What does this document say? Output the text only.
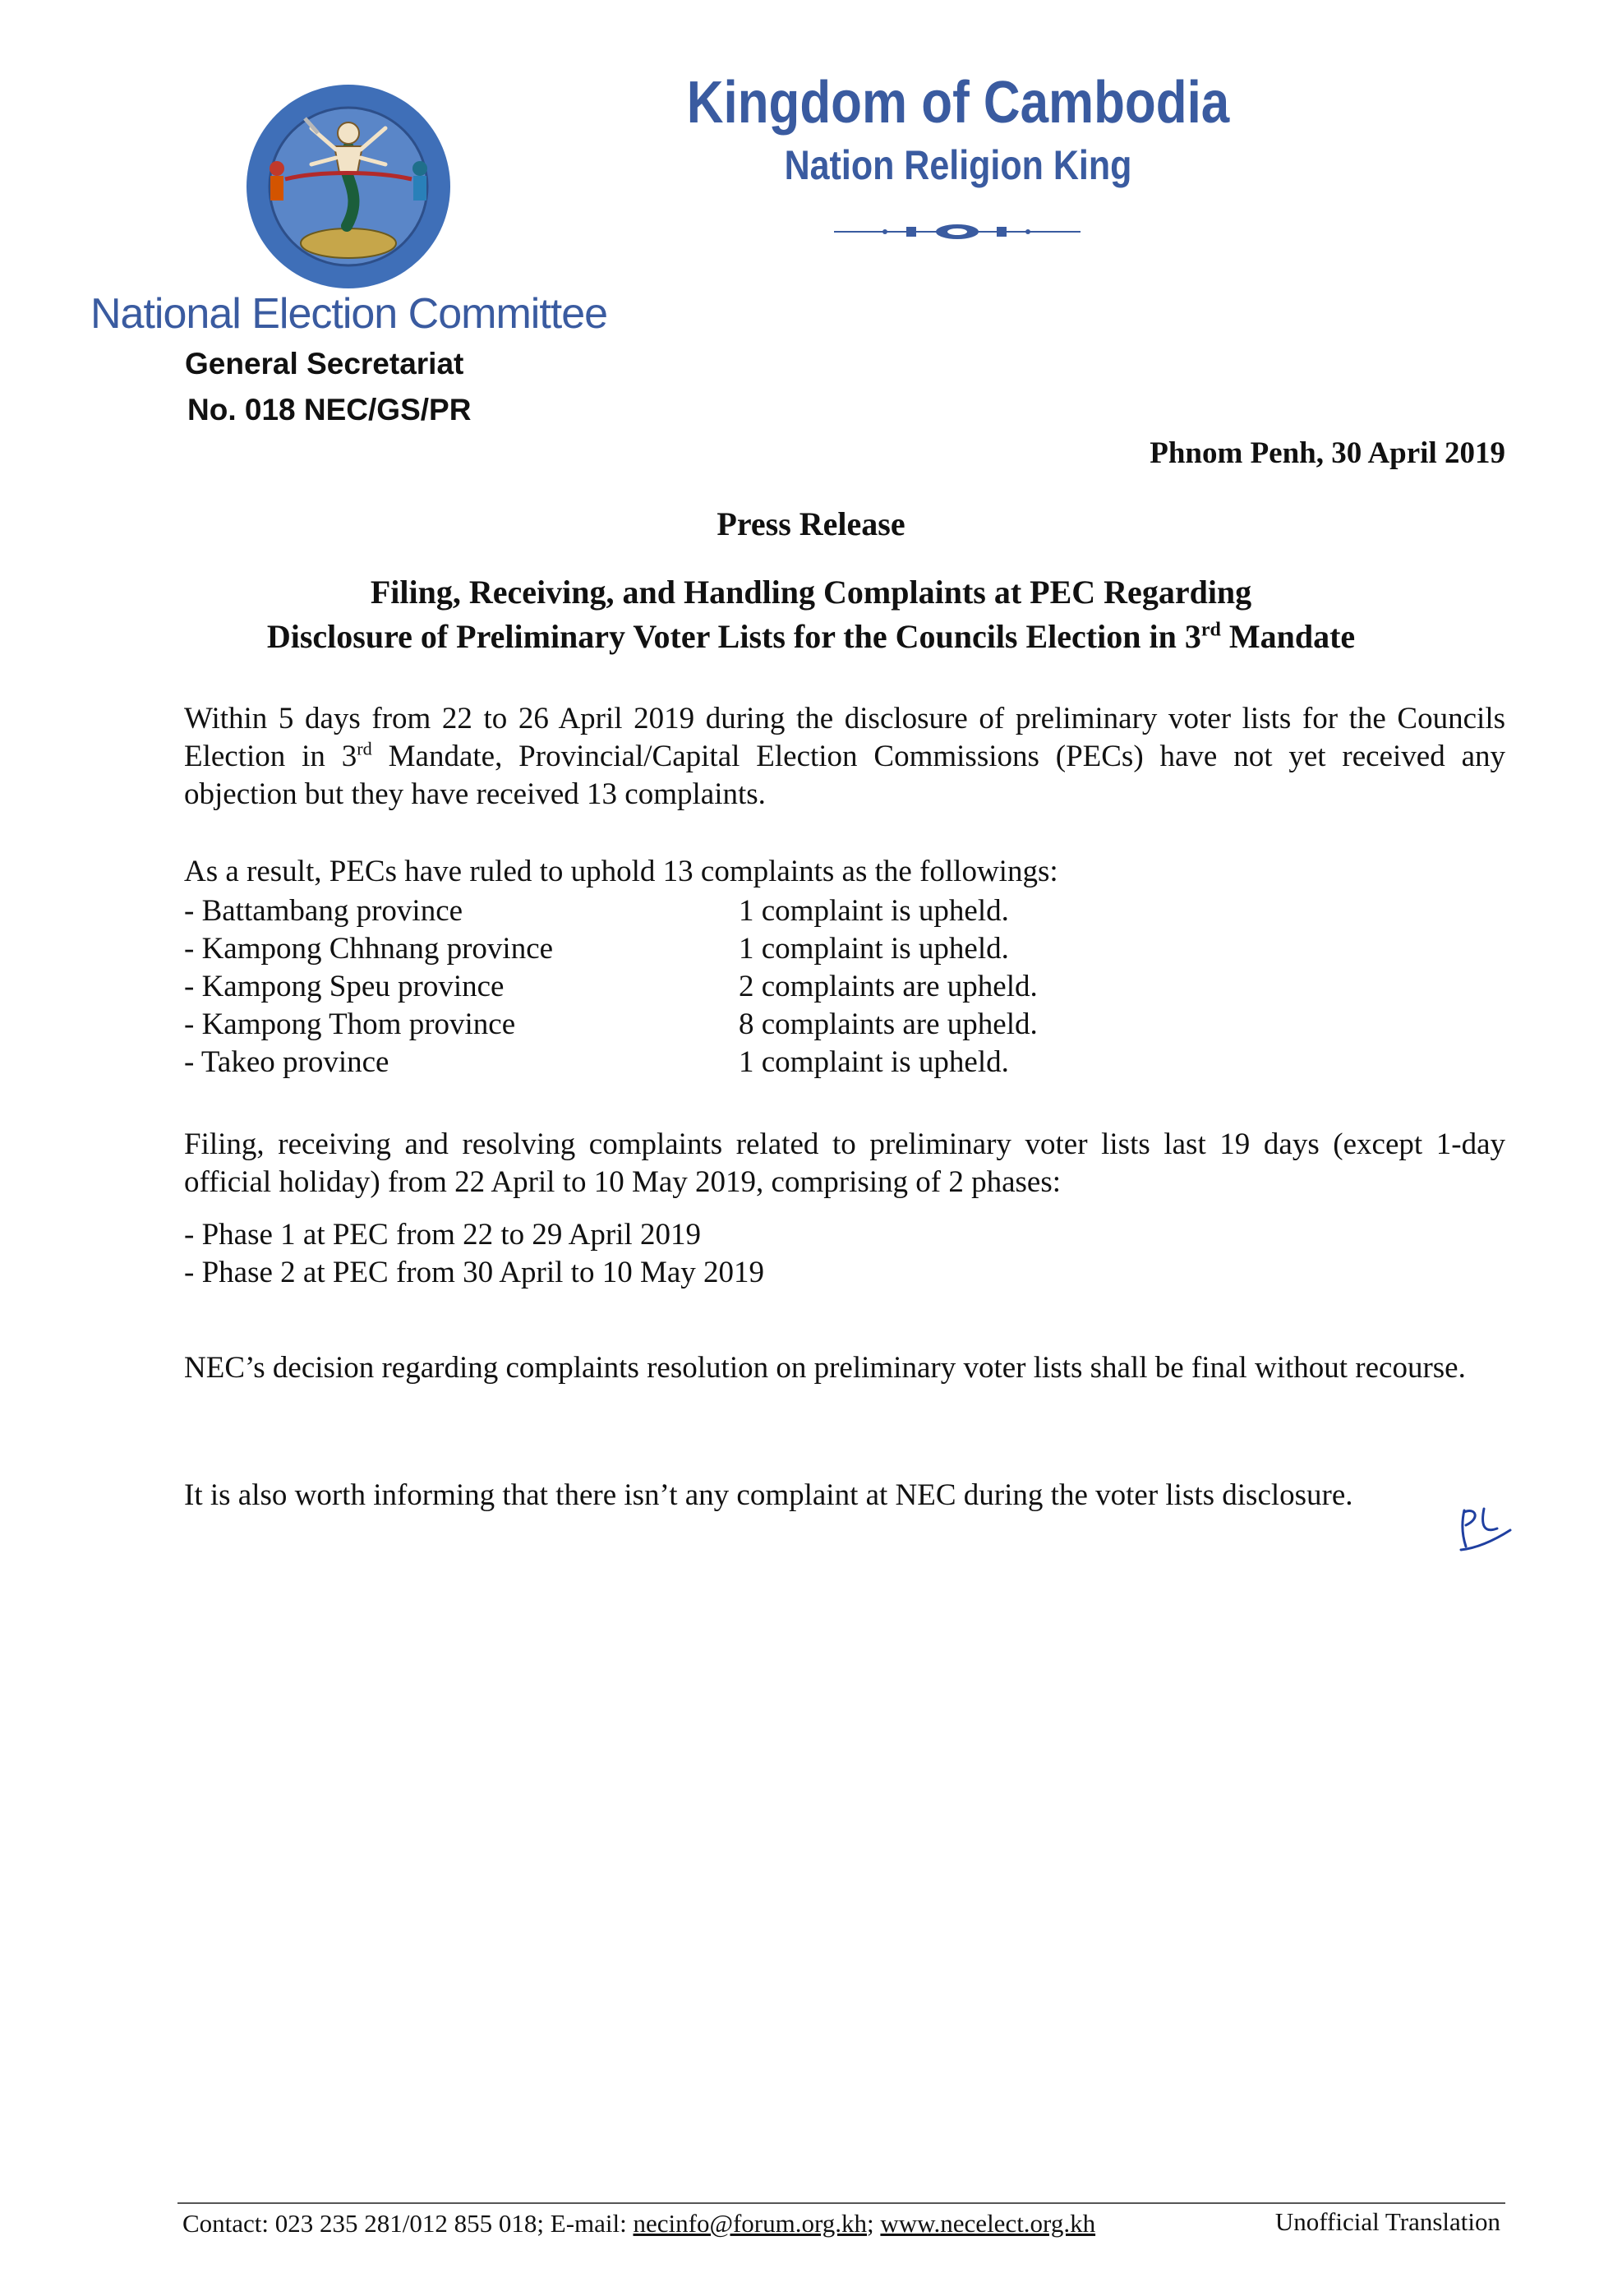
National Election Committee
General Secretariat
No. 018 NEC/GS/PR
Kingdom of Cambodia
Nation Religion King
Phnom Penh, 30 April 2019
Press Release
Filing, Receiving, and Handling Complaints at PEC Regarding
Disclosure of Preliminary Voter Lists for the Councils Election in 3rd Mandate

Within 5 days from 22 to 26 April 2019 during the disclosure of preliminary voter lists for the Councils Election in 3rd Mandate, Provincial/Capital Election Commissions (PECs) have not yet received any objection but they have received 13 complaints.

As a result, PECs have ruled to uphold 13 complaints as the followings:

- Battambang province	1 complaint is upheld.
- Kampong Chhnang province	1 complaint is upheld.
- Kampong Speu province	2 complaints are upheld.
- Kampong Thom province	8 complaints are upheld.
- Takeo province	1 complaint is upheld.

Filing, receiving and resolving complaints related to preliminary voter lists last 19 days (except 1-day official holiday) from 22 April to 10 May 2019, comprising of 2 phases:

- Phase 1 at PEC from 22 to 29 April 2019
- Phase 2 at PEC from 30 April to 10 May 2019

NEC’s decision regarding complaints resolution on preliminary voter lists shall be final without recourse.

It is also worth informing that there isn’t any complaint at NEC during the voter lists disclosure.

Contact: 023 235 281/012 855 018; E-mail: necinfo@forum.org.kh; www.necelect.org.kh	Unofficial Translation
